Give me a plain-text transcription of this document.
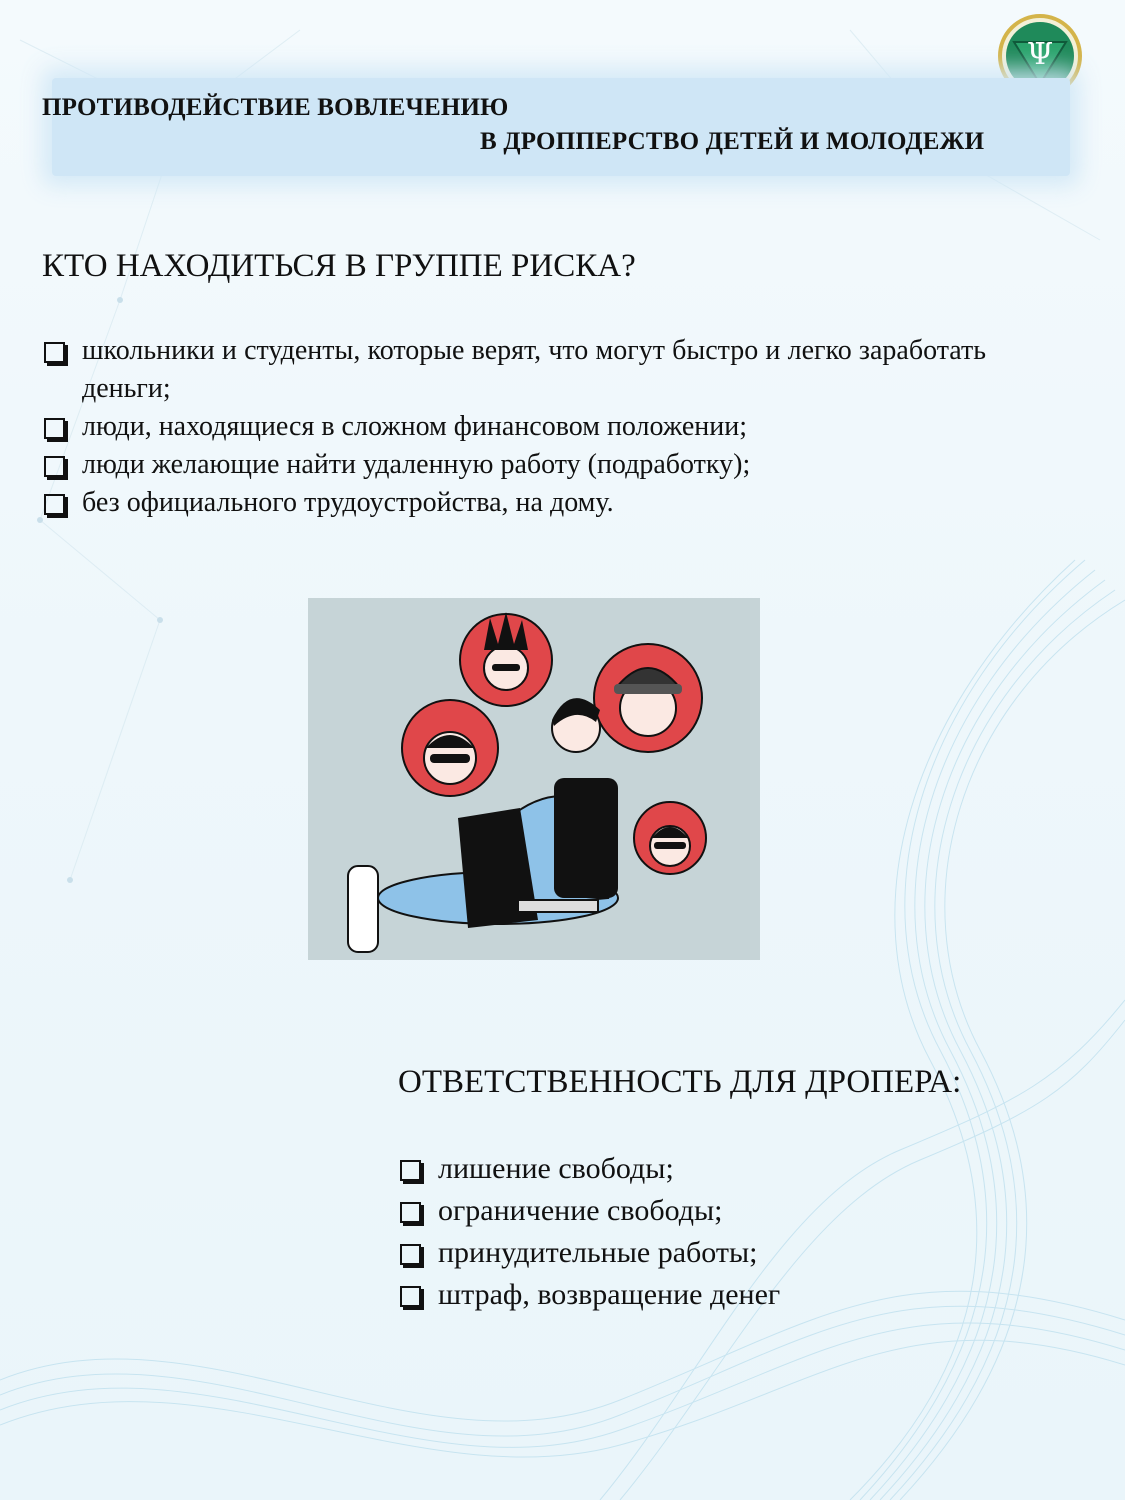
Ψ
ПРОТИВОДЕЙСТВИЕ ВОВЛЕЧЕНИЮ
В ДРОППЕРСТВО ДЕТЕЙ И МОЛОДЕЖИ
КТО НАХОДИТЬСЯ В ГРУППЕ РИСКА?
школьники и студенты, которые верят, что могут быстро и легко заработать деньги;
люди, находящиеся в сложном финансовом положении;
люди желающие найти удаленную работу (подработку);
без официального трудоустройства, на дому.
ОТВЕТСТВЕННОСТЬ ДЛЯ ДРОПЕРА:
лишение свободы;
ограничение свободы;
принудительные работы;
штраф, возвращение денег
